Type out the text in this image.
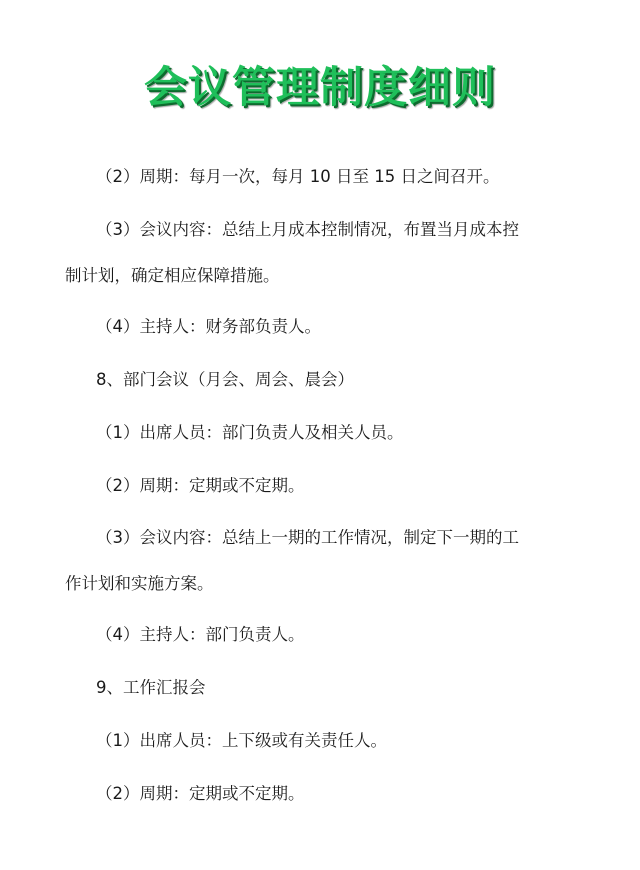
会议管理制度细则

（2）周期：每月一次，每月 10 日至 15 日之间召开。

（3）会议内容：总结上月成本控制情况，布置当月成本控
制计划，确定相应保障措施。

（4）主持人：财务部负责人。

8、部门会议（月会、周会、晨会）

（1）出席人员：部门负责人及相关人员。

（2）周期：定期或不定期。

（3）会议内容：总结上一期的工作情况，制定下一期的工
作计划和实施方案。

（4）主持人：部门负责人。

9、工作汇报会

（1）出席人员：上下级或有关责任人。

（2）周期：定期或不定期。
